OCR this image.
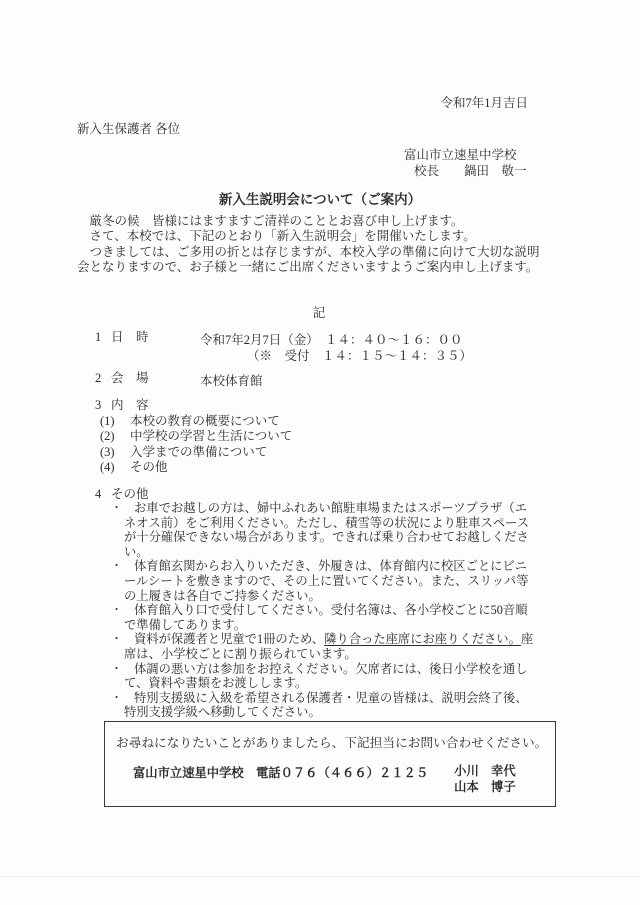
令和7年1月吉日
新入生保護者 各位
富山市立速星中学校
校長　　鍋田　敬一
新入生説明会について（ご案内）

　厳冬の候　皆様にはますますご清祥のこととお喜び申し上げます。

　さて、本校では、下記のとおり「新入生説明会」を開催いたします。

　つきましては、ご多用の折とは存じますが、本校入学の準備に向けて大切な説明会となりますので、お子様と一緒にご出席くださいますようご案内申し上げます。

記
1 日　時	令和7年2月7日（金）　１４：４０～１６：００
（※　受付　１４：１５～１４：３５）
2 会　場	本校体育館
3 内　容
(1)	本校の教育の概要について
(2)	中学校の学習と生活について
(3)	入学までの準備について
(4)	その他
4 その他
・ お車でお越しの方は、婦中ふれあい館駐車場またはスポーツプラザ（エネオス前）をご利用ください。ただし、積雪等の状況により駐車スペースが十分確保できない場合があります。できれば乗り合わせてお越しください。
・ 体育館玄関からお入りいただき、外履きは、体育館内に校区ごとにビニールシートを敷きますので、その上に置いてください。また、スリッパ等の上履きは各自でご持参ください。
・ 体育館入り口で受付してください。受付名簿は、各小学校ごとに50音順で準備してあります。
・ 資料が保護者と児童で1冊のため、隣り合った座席にお座りください。座席は、小学校ごとに割り振られています。
・ 体調の悪い方は参加をお控えください。欠席者には、後日小学校を通して、資料や書類をお渡しします。
・ 特別支援級に入級を希望される保護者・児童の皆様は、説明会終了後、特別支援学級へ移動してください。
お尋ねになりたいことがありましたら、下記担当にお問い合わせください。
富山市立速星中学校　電話０７６（４６６）２１２５ 小川　幸代
山本　博子
